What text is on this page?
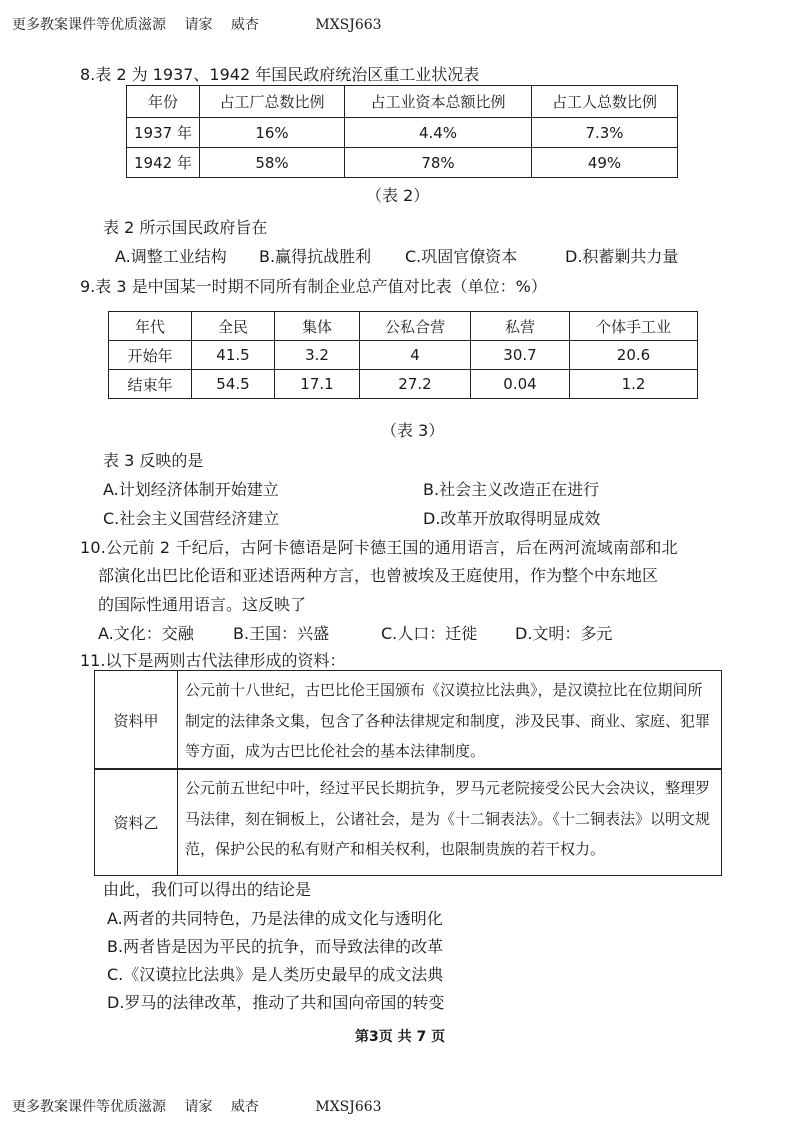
更多教案课件等优质滋源 请家 威杏	MXSJ663
8.表 2 为 1937、1942 年国民政府统治区重工业状况表
年份	占工厂总数比例	占工业资本总额比例	占工人总数比例
1937 年	16%	4.4%	7.3%
1942 年	58%	78%	49%
（表 2）
表 2 所示国民政府旨在
A.调整工业结构 B.赢得抗战胜利 C.巩固官僚资本	D.积蓄剿共力量
9.表 3 是中国某一时期不同所有制企业总产值对比表（单位：%）
年代	全民	集体	公私合营	私营	个体手工业
开始年	41.5	3.2	4	30.7	20.6
结束年	54.5	17.1	27.2	0.04	1.2
（表 3）
表 3 反映的是
A.计划经济体制开始建立	B.社会主义改造正在进行
C.社会主义国营经济建立	D.改革开放取得明显成效
10.公元前 2 千纪后，古阿卡德语是阿卡德王国的通用语言，后在两河流域南部和北
部演化出巴比伦语和亚述语两种方言，也曾被埃及王庭使用，作为整个中东地区
的国际性通用语言。这反映了
A.文化：交融 B.王国：兴盛	C.人口：迁徙 D.文明：多元
11.以下是两则古代法律形成的资料：
资料甲
公元前十八世纪，古巴比伦王国颁布《汉谟拉比法典》，是汉谟拉比在位期间所制定的法律条文集，包含了各种法律规定和制度，涉及民事、商业、家庭、犯罪等方面，成为古巴比伦社会的基本法律制度。
资料乙
公元前五世纪中叶，经过平民长期抗争，罗马元老院接受公民大会决议，整理罗马法律，刻在铜板上，公诸社会，是为《十二铜表法》。《十二铜表法》以明文规范，保护公民的私有财产和相关权利，也限制贵族的若干权力。
由此，我们可以得出的结论是
A.两者的共同特色，乃是法律的成文化与透明化
B.两者皆是因为平民的抗争，而导致法律的改革
C.《汉谟拉比法典》是人类历史最早的成文法典
D.罗马的法律改革，推动了共和国向帝国的转变
第3页 共 7 页
更多教案课件等优质滋源 请家 威杏	MXSJ663
